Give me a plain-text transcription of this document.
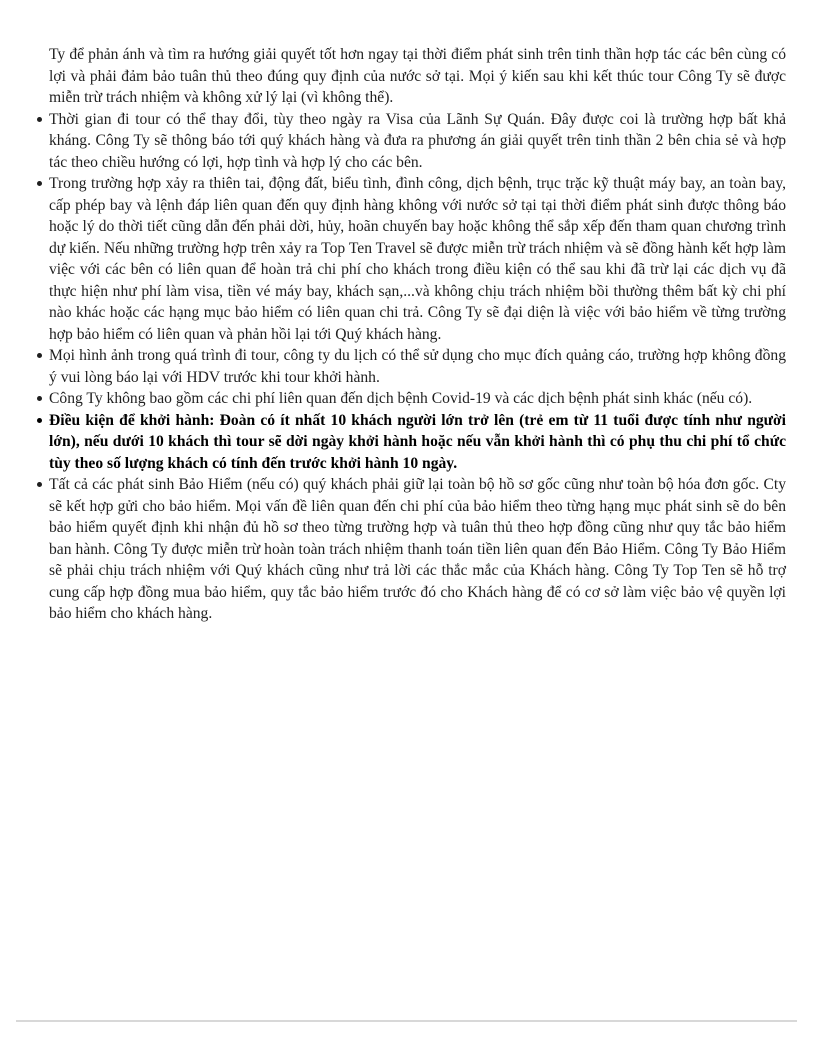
Ty để phản ánh và tìm ra hướng giải quyết tốt hơn ngay tại thời điểm phát sinh trên tinh thần hợp tác các bên cùng có lợi và phải đảm bảo tuân thủ theo đúng quy định của nước sở tại. Mọi ý kiến sau khi kết thúc tour Công Ty sẽ được miễn trừ trách nhiệm và không xử lý lại (vì không thể).

Thời gian đi tour có thể thay đổi, tùy theo ngày ra Visa của Lãnh Sự Quán. Đây được coi là trường hợp bất khả kháng. Công Ty sẽ thông báo tới quý khách hàng và đưa ra phương án giải quyết trên tinh thần 2 bên chia sẻ và hợp tác theo chiều hướng có lợi, hợp tình và hợp lý cho các bên.
Trong trường hợp xảy ra thiên tai, động đất, biểu tình, đình công, dịch bệnh, trục trặc kỹ thuật máy bay, an toàn bay, cấp phép bay và lệnh đáp liên quan đến quy định hàng không với nước sở tại tại thời điểm phát sinh được thông báo hoặc lý do thời tiết cũng dẫn đến phải dời, hủy, hoãn chuyến bay hoặc không thể sắp xếp đến tham quan chương trình dự kiến. Nếu những trường hợp trên xảy ra Top Ten Travel sẽ được miễn trừ trách nhiệm và sẽ đồng hành kết hợp làm việc với các bên có liên quan để hoàn trả chi phí cho khách trong điều kiện có thể sau khi đã trừ lại các dịch vụ đã thực hiện như phí làm visa, tiền vé máy bay, khách sạn,...và không chịu trách nhiệm bồi thường thêm bất kỳ chi phí nào khác hoặc các hạng mục bảo hiểm có liên quan chi trả. Công Ty sẽ đại diện là việc với bảo hiểm về từng trường hợp bảo hiểm có liên quan và phản hồi lại tới Quý khách hàng.
Mọi hình ảnh trong quá trình đi tour, công ty du lịch có thể sử dụng cho mục đích quảng cáo, trường hợp không đồng ý vui lòng báo lại với HDV trước khi tour khởi hành.
Công Ty không bao gồm các chi phí liên quan đến dịch bệnh Covid-19 và các dịch bệnh phát sinh khác (nếu có).
Điều kiện để khởi hành: Đoàn có ít nhất 10 khách người lớn trở lên (trẻ em từ 11 tuổi được tính như người lớn), nếu dưới 10 khách thì tour sẽ dời ngày khởi hành hoặc nếu vẫn khởi hành thì có phụ thu chi phí tổ chức tùy theo số lượng khách có tính đến trước khởi hành 10 ngày.
Tất cả các phát sinh Bảo Hiểm (nếu có) quý khách phải giữ lại toàn bộ hồ sơ gốc cũng như toàn bộ hóa đơn gốc. Cty sẽ kết hợp gửi cho bảo hiểm. Mọi vấn đề liên quan đến chi phí của bảo hiểm theo từng hạng mục phát sinh sẽ do bên bảo hiểm quyết định khi nhận đủ hồ sơ theo từng trường hợp và tuân thủ theo hợp đồng cũng như quy tắc bảo hiểm ban hành. Công Ty được miễn trừ hoàn toàn trách nhiệm thanh toán tiền liên quan đến Bảo Hiểm. Công Ty Bảo Hiểm sẽ phải chịu trách nhiệm với Quý khách cũng như trả lời các thắc mắc của Khách hàng. Công Ty Top Ten sẽ hỗ trợ cung cấp hợp đồng mua bảo hiểm, quy tắc bảo hiểm trước đó cho Khách hàng để có cơ sở làm việc bảo vệ quyền lợi bảo hiểm cho khách hàng.
